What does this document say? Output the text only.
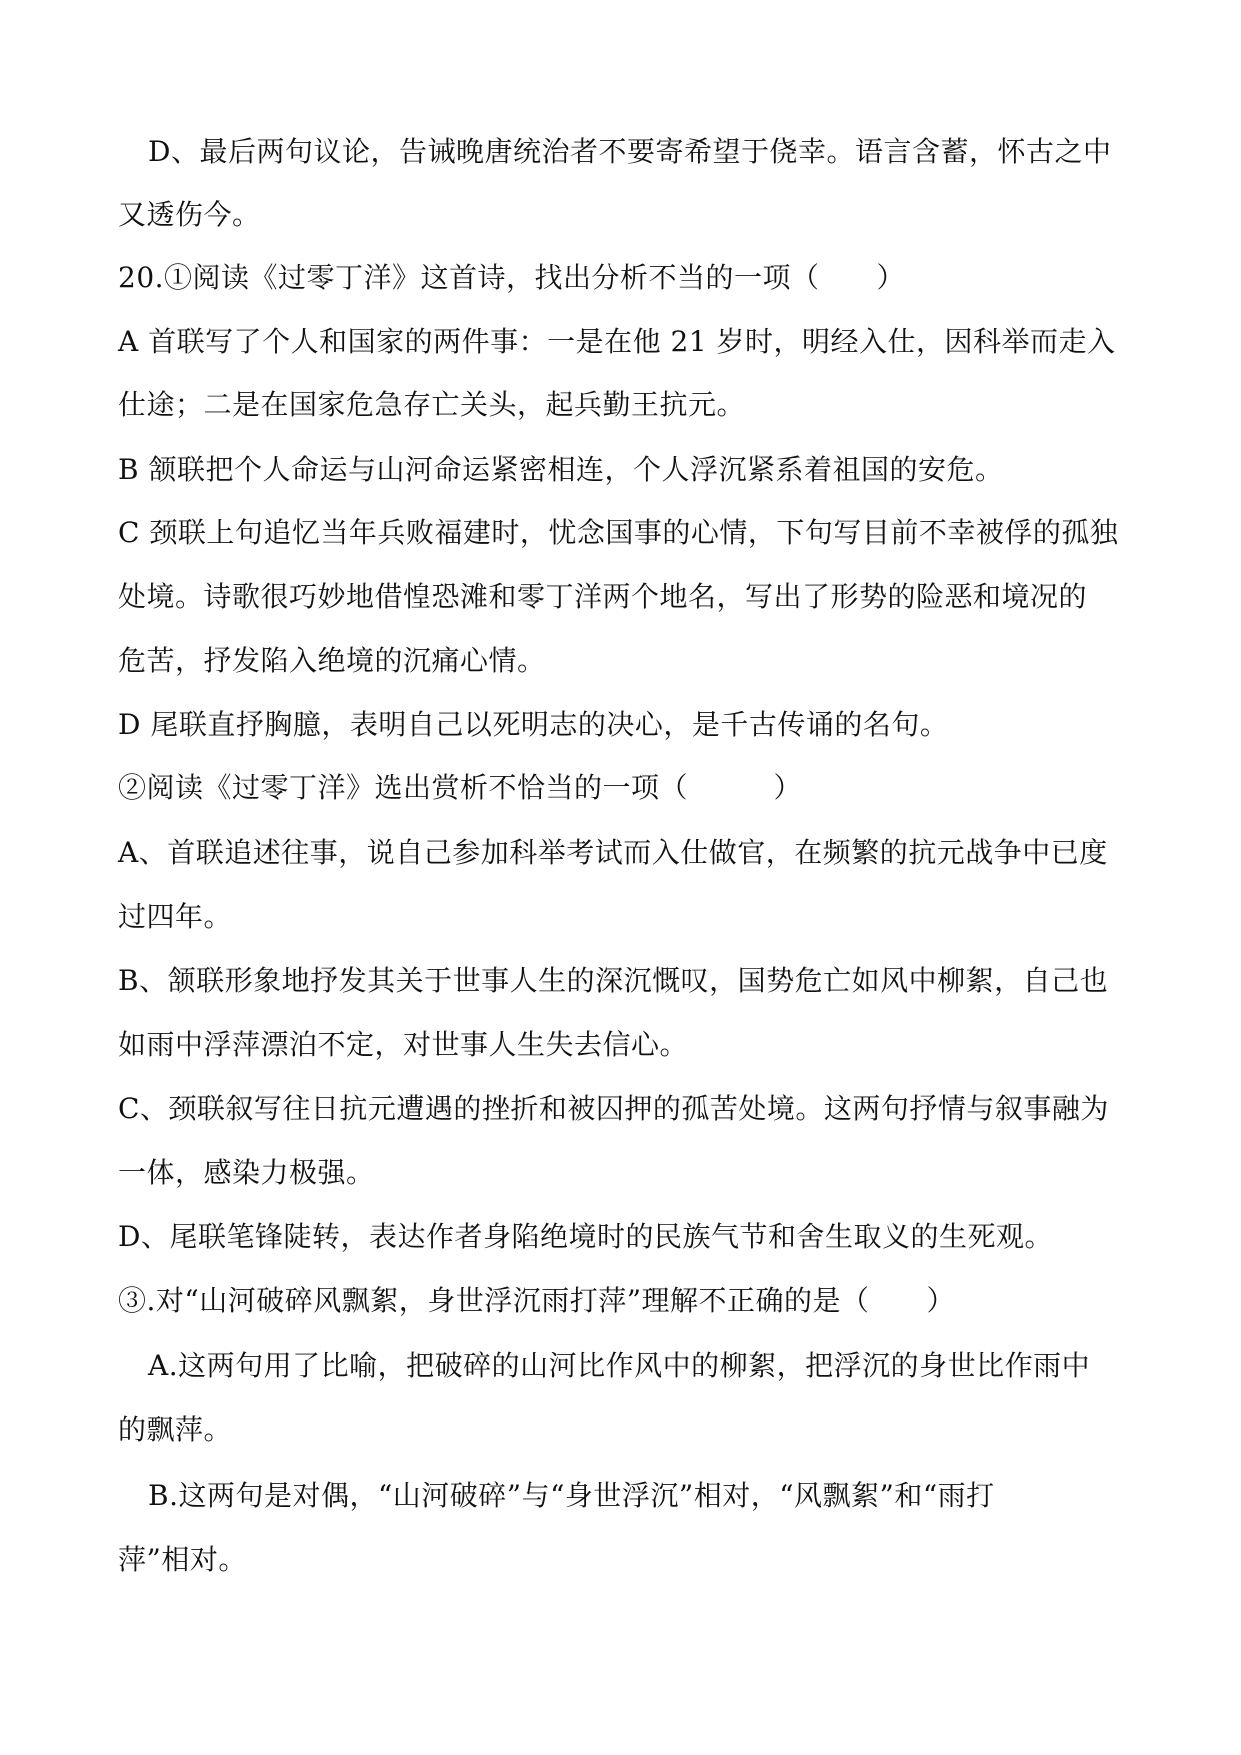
D、最后两句议论，告诫晚唐统治者不要寄希望于侥幸。语言含蓄，怀古之中
又透伤今。
20.①阅读《过零丁洋》这首诗，找出分析不当的一项（　　）
A 首联写了个人和国家的两件事：一是在他 21 岁时，明经入仕，因科举而走入
仕途；二是在国家危急存亡关头，起兵勤王抗元。
B 颔联把个人命运与山河命运紧密相连，个人浮沉紧系着祖国的安危。
C 颈联上句追忆当年兵败福建时，忧念国事的心情，下句写目前不幸被俘的孤独
处境。诗歌很巧妙地借惶恐滩和零丁洋两个地名，写出了形势的险恶和境况的
危苦，抒发陷入绝境的沉痛心情。
D 尾联直抒胸臆，表明自己以死明志的决心，是千古传诵的名句。
②阅读《过零丁洋》选出赏析不恰当的一项（　　　）
A、首联追述往事，说自己参加科举考试而入仕做官，在频繁的抗元战争中已度
过四年。
B、颔联形象地抒发其关于世事人生的深沉慨叹，国势危亡如风中柳絮，自己也
如雨中浮萍漂泊不定，对世事人生失去信心。
C、颈联叙写往日抗元遭遇的挫折和被囚押的孤苦处境。这两句抒情与叙事融为
一体，感染力极强。
D、尾联笔锋陡转，表达作者身陷绝境时的民族气节和舍生取义的生死观。
③.对“山河破碎风飘絮，身世浮沉雨打萍”理解不正确的是（　　）
A.这两句用了比喻，把破碎的山河比作风中的柳絮，把浮沉的身世比作雨中
的飘萍。
B.这两句是对偶，“山河破碎”与“身世浮沉”相对，“风飘絮”和“雨打
萍”相对。
